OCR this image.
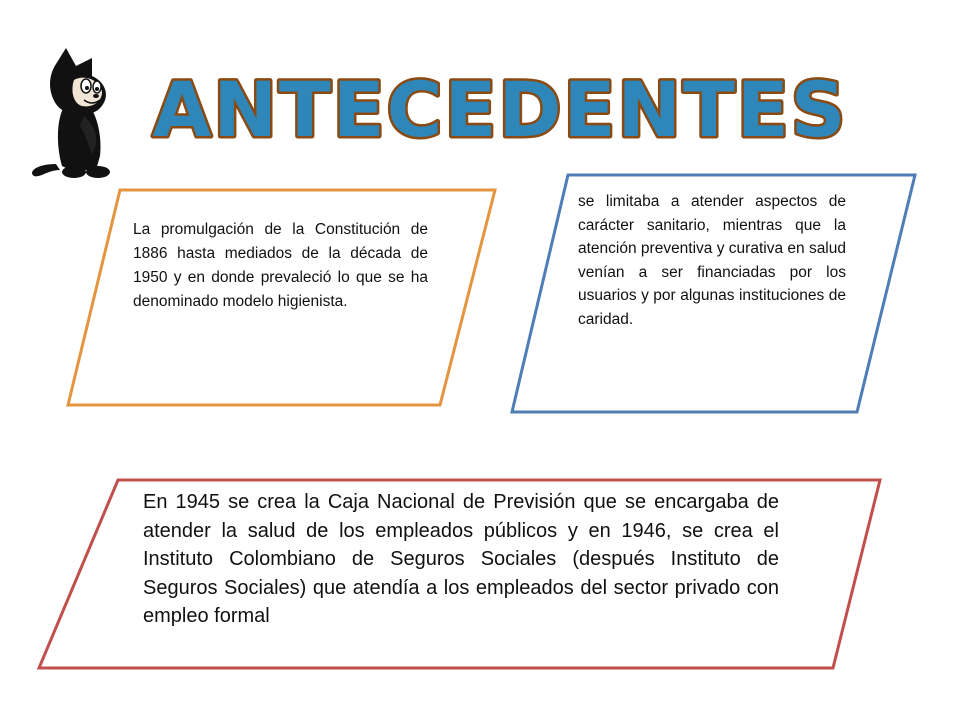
ANTECEDENTES

La promulgación de la Constitución de 1886 hasta mediados de la década de 1950 y en donde prevaleció lo que se ha denominado modelo higienista.

se limitaba a atender aspectos de carácter sanitario, mientras que la atención preventiva y curativa en salud venían a ser financiadas por los usuarios y por algunas instituciones de caridad.

En 1945 se crea la Caja Nacional de Previsión que se encargaba de atender la salud de los empleados públicos y en 1946, se crea el Instituto Colombiano de Seguros Sociales (después Instituto de Seguros Sociales) que atendía a los empleados del sector privado con empleo formal
